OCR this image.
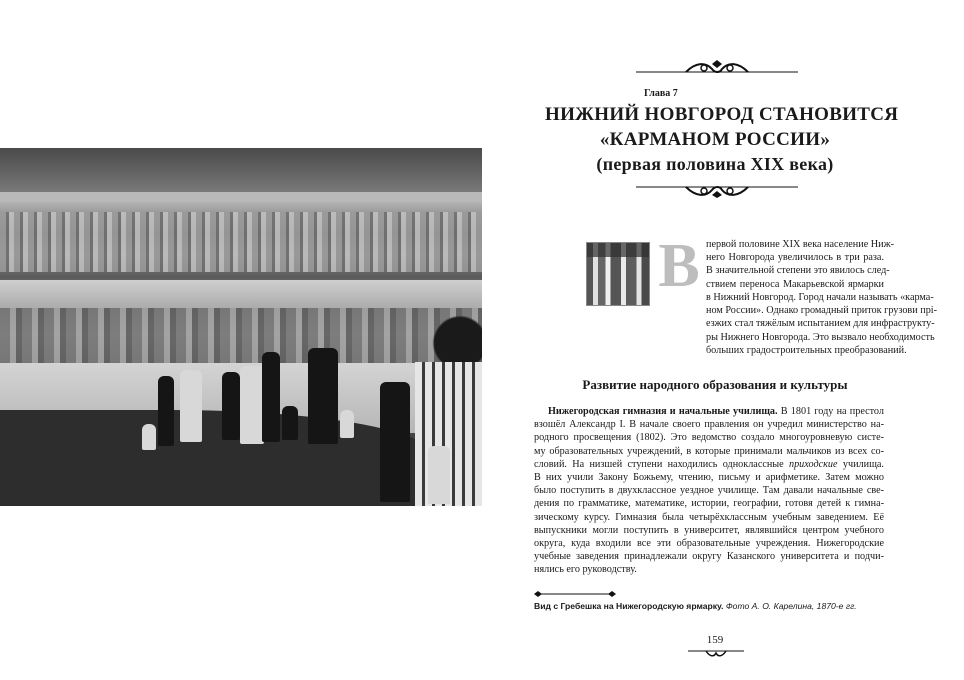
Глава 7
НИЖНИЙ НОВГОРОД СТАНОВИТСЯ
«КАРМАНОМ РОССИИ»
(первая половина XIX века)
В первой половине XIX века население Ниж-
него Новгорода увеличилось в три раза.
В значительной степени это явилось след-
ствием переноса Макарьевской ярмарки
в Нижний Новгород. Город начали называть «карма-
ном России». Однако громадный приток грузови прi-
езжих стал тяжёлым испытанием для инфраструкту-
ры Нижнего Новгорода. Это вызвало необходимость
больших градостроительных преобразований.
Развитие народного образования и культуры
Нижегородская гимназия и начальные училища. В 1801 году на престол
взошёл Александр I. В начале своего правления он учредил министерство на-
родного просвещения (1802). Это ведомство создало многоуровневую систе-
му образовательных учреждений, в которые принимали мальчиков из всех со-
словий. На низшей ступени находились одноклассные приходские училища.
В них учили Закону Божьему, чтению, письму и арифметике. Затем можно
было поступить в двухклассное уездное училище. Там давали начальные све-
дения по грамматике, математике, истории, географии, готовя детей к гимна-
зическому курсу. Гимназия была четырёхклассным учебным заведением. Её
выпускники могли поступить в университет, являвшийся центром учебного
округа, куда входили все эти образовательные учреждения. Нижегородские
учебные заведения принадлежали округу Казанского университета и подчи-
нялись его руководству.
Вид с Гребешка на Нижегородскую ярмарку. Фото А. О. Карелина, 1870-е гг.
159
